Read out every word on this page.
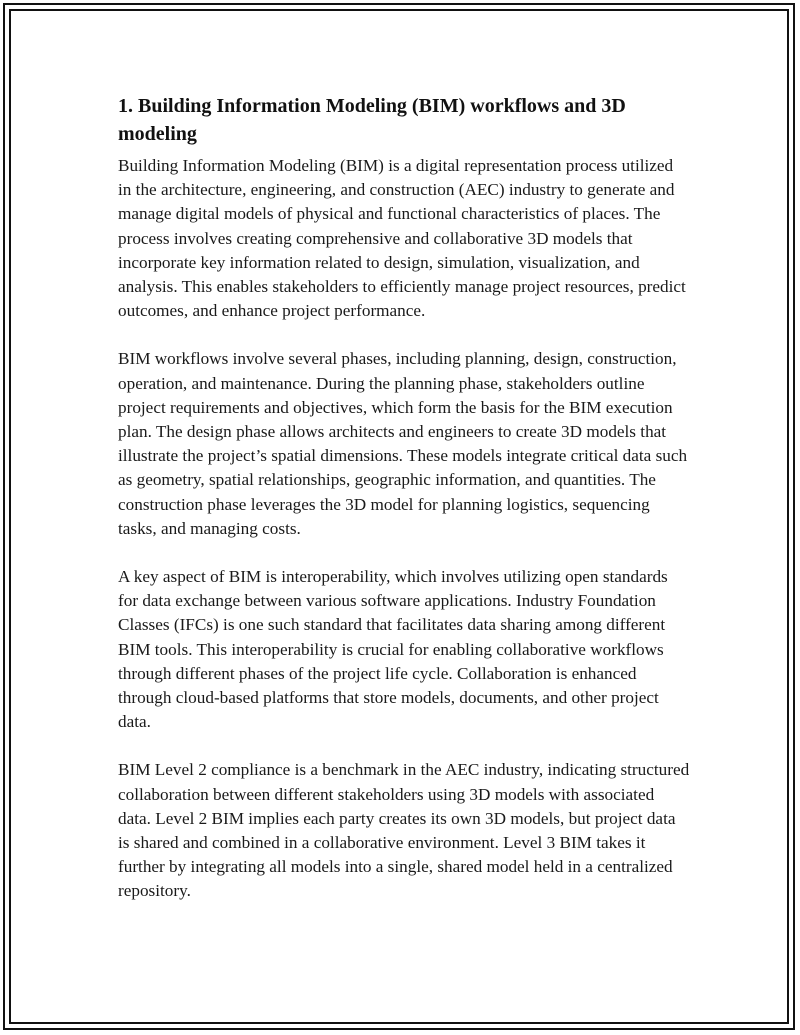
1. Building Information Modeling (BIM) workflows and 3D modeling

Building Information Modeling (BIM) is a digital representation process utilized in the architecture, engineering, and construction (AEC) industry to generate and manage digital models of physical and functional characteristics of places. The process involves creating comprehensive and collaborative 3D models that incorporate key information related to design, simulation, visualization, and analysis. This enables stakeholders to efficiently manage project resources, predict outcomes, and enhance project performance.

BIM workflows involve several phases, including planning, design, construction, operation, and maintenance. During the planning phase, stakeholders outline project requirements and objectives, which form the basis for the BIM execution plan. The design phase allows architects and engineers to create 3D models that illustrate the project’s spatial dimensions. These models integrate critical data such as geometry, spatial relationships, geographic information, and quantities. The construction phase leverages the 3D model for planning logistics, sequencing tasks, and managing costs.

A key aspect of BIM is interoperability, which involves utilizing open standards for data exchange between various software applications. Industry Foundation Classes (IFCs) is one such standard that facilitates data sharing among different BIM tools. This interoperability is crucial for enabling collaborative workflows through different phases of the project life cycle. Collaboration is enhanced through cloud-based platforms that store models, documents, and other project data.

BIM Level 2 compliance is a benchmark in the AEC industry, indicating structured collaboration between different stakeholders using 3D models with associated data. Level 2 BIM implies each party creates its own 3D models, but project data is shared and combined in a collaborative environment. Level 3 BIM takes it further by integrating all models into a single, shared model held in a centralized repository.
